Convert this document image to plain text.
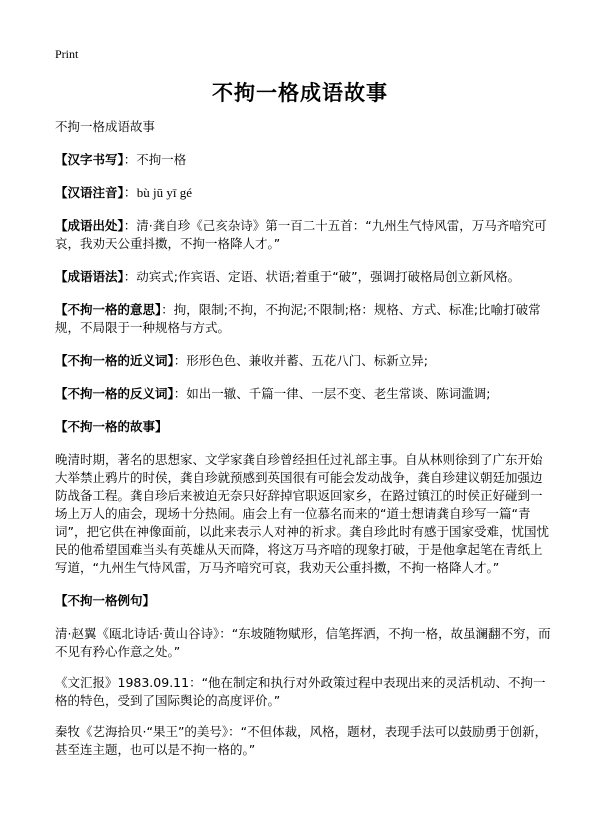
Print
不拘一格成语故事

不拘一格成语故事

【汉字书写】：不拘一格

【汉语注音】：bù jū yī gé

【成语出处】：清·龚自珍《己亥杂诗》第一百二十五首：“九州生气恃风雷，万马齐喑究可哀，我劝天公重抖擞，不拘一格降人才。”

【成语语法】：动宾式;作宾语、定语、状语;着重于“破”，强调打破格局创立新风格。

【不拘一格的意思】：拘，限制;不拘，不拘泥;不限制;格：规格、方式、标准;比喻打破常规，不局限于一种规格与方式。

【不拘一格的近义词】：形形色色、兼收并蓄、五花八门、标新立异;

【不拘一格的反义词】：如出一辙、千篇一律、一层不变、老生常谈、陈词滥调;

【不拘一格的故事】

晚清时期，著名的思想家、文学家龚自珍曾经担任过礼部主事。自从林则徐到了广东开始大举禁止鸦片的时侯，龚自珍就预感到英国很有可能会发动战争，龚自珍建议朝廷加强边防战备工程。龚自珍后来被迫无奈只好辞掉官职返回家乡，在路过镇江的时侯正好碰到一场上万人的庙会，现场十分热闹。庙会上有一位慕名而来的“道士想请龚自珍写一篇“青词”，把它供在神像面前，以此来表示人对神的祈求。龚自珍此时有感于国家受难，忧国忧民的他希望国难当头有英雄从天而降，将这万马齐喑的现象打破，于是他拿起笔在青纸上写道，“九州生气恃风雷，万马齐喑究可哀，我劝天公重抖擞，不拘一格降人才。”

【不拘一格例句】

清·赵翼《瓯北诗话·黄山谷诗》：“东坡随物赋形，信笔挥洒，不拘一格，故虽澜翻不穷，而不见有矜心作意之处。”

《文汇报》1983.09.11：“他在制定和执行对外政策过程中表现出来的灵活机动、不拘一格的特色，受到了国际舆论的高度评价。”

秦牧《艺海拾贝·“果王”的美号》：“不但体裁，风格，题材，表现手法可以鼓励勇于创新，甚至连主题，也可以是不拘一格的。”
